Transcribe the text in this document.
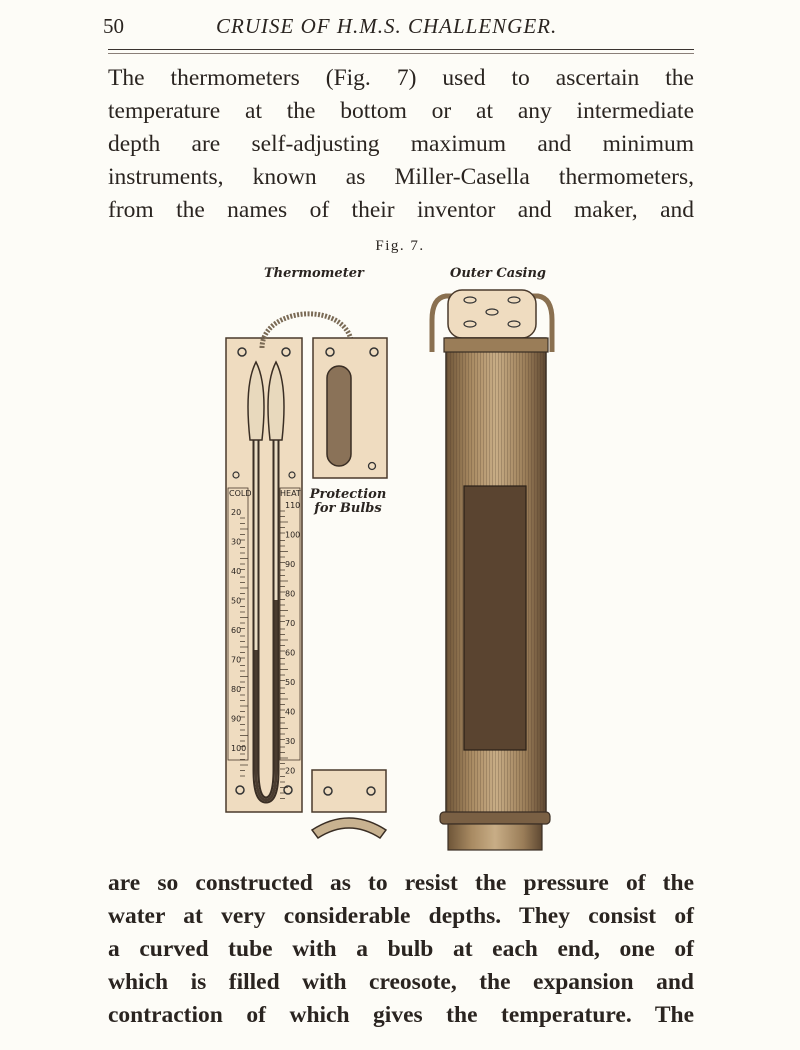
50	CRUISE OF H.M.S. CHALLENGER.
The thermometers (Fig. 7) used to ascertain the
temperature at the bottom or at any intermediate
depth are self-adjusting maximum and minimum
instruments, known as Miller-Casella thermometers,
from the names of their inventor and maker, and
Fig. 7.
Thermometer	Outer Casing
Protection
for Bulbs
COLD	HEAT
20
30
40
50
60
70
80
90
100
110
100
90
80
70
60
50
40
30
20
are so constructed as to resist the pressure of the
water at very considerable depths. They consist of
a curved tube with a bulb at each end, one of
which is filled with creosote, the expansion and
contraction of which gives the temperature. The
